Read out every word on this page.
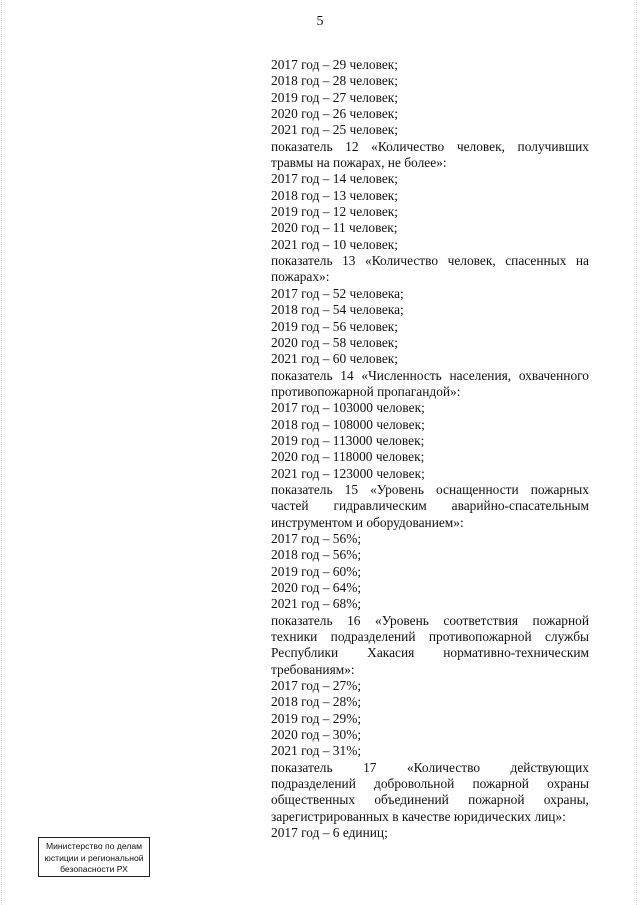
5
2017 год – 29 человек;
2018 год – 28 человек;
2019 год – 27 человек;
2020 год – 26 человек;
2021 год – 25 человек;
показатель 12 «Количество человек, получивших
травмы на пожарах, не более»:
2017 год – 14 человек;
2018 год – 13 человек;
2019 год – 12 человек;
2020 год – 11 человек;
2021 год – 10 человек;
показатель 13 «Количество человек, спасенных на
пожарах»:
2017 год – 52 человека;
2018 год – 54 человека;
2019 год – 56 человек;
2020 год – 58 человек;
2021 год – 60 человек;
показатель 14 «Численность населения, охваченного
противопожарной пропагандой»:
2017 год – 103000 человек;
2018 год – 108000 человек;
2019 год – 113000 человек;
2020 год – 118000 человек;
2021 год – 123000 человек;
показатель 15 «Уровень оснащенности пожарных
частей гидравлическим аварийно-спасательным
инструментом и оборудованием»:
2017 год – 56%;
2018 год – 56%;
2019 год – 60%;
2020 год – 64%;
2021 год – 68%;
показатель 16 «Уровень соответствия пожарной
техники подразделений противопожарной службы
Республики Хакасия нормативно-техническим
требованиям»:
2017 год – 27%;
2018 год – 28%;
2019 год – 29%;
2020 год – 30%;
2021 год – 31%;
показатель 17 «Количество действующих
подразделений добровольной пожарной охраны
общественных объединений пожарной охраны,
зарегистрированных в качестве юридических лиц»:
2017 год – 6 единиц;
Министерство по делам
юстиции и региональной
безопасности РХ
